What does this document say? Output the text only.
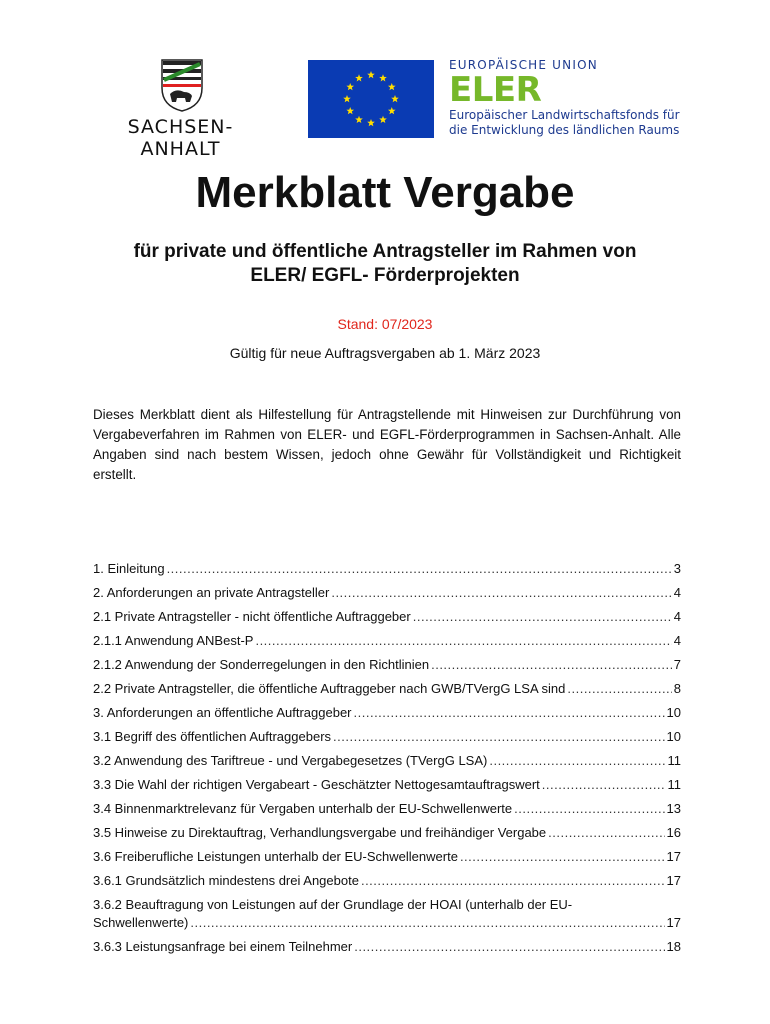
SACHSEN-ANHALT
EUROPÄISCHE UNION
ELER
Europäischer Landwirtschaftsfonds für
die Entwicklung des ländlichen Raums
Merkblatt Vergabe
für private und öffentliche Antragsteller im Rahmen von
ELER/ EGFL- Förderprojekten
Stand: 07/2023
Gültig für neue Auftragsvergaben ab 1. März 2023
Dieses Merkblatt dient als Hilfestellung für Antragstellende mit Hinweisen zur Durchführung von Vergabeverfahren im Rahmen von ELER- und EGFL-Förderprogrammen in Sachsen-Anhalt. Alle Angaben sind nach bestem Wissen, jedoch ohne Gewähr für Vollständigkeit und Richtigkeit erstellt.
1. Einleitung .....	3
2. Anforderungen an private Antragsteller .....	4
2.1 Private Antragsteller - nicht öffentliche Auftraggeber .....	4
2.1.1 Anwendung ANBest-P .....	4
2.1.2 Anwendung der Sonderregelungen in den Richtlinien .....	7
2.2 Private Antragsteller, die öffentliche Auftraggeber nach GWB/TVergG LSA sind .....	8
3. Anforderungen an öffentliche Auftraggeber .....	10
3.1 Begriff des öffentlichen Auftraggebers .....	10
3.2 Anwendung des Tariftreue - und Vergabegesetzes (TVergG LSA) .....	11
3.3 Die Wahl der richtigen Vergabeart - Geschätzter Nettogesamtauftragswert .....	11
3.4 Binnenmarktrelevanz für Vergaben unterhalb der EU-Schwellenwerte .....	13
3.5 Hinweise zu Direktauftrag, Verhandlungsvergabe und freihändiger Vergabe .....	16
3.6 Freiberufliche Leistungen unterhalb der EU-Schwellenwerte .....	17
3.6.1 Grundsätzlich mindestens drei Angebote .....	17
3.6.2 Beauftragung von Leistungen auf der Grundlage der HOAI (unterhalb der EU-
Schwellenwerte) .....	17
3.6.3 Leistungsanfrage bei einem Teilnehmer .....	18
